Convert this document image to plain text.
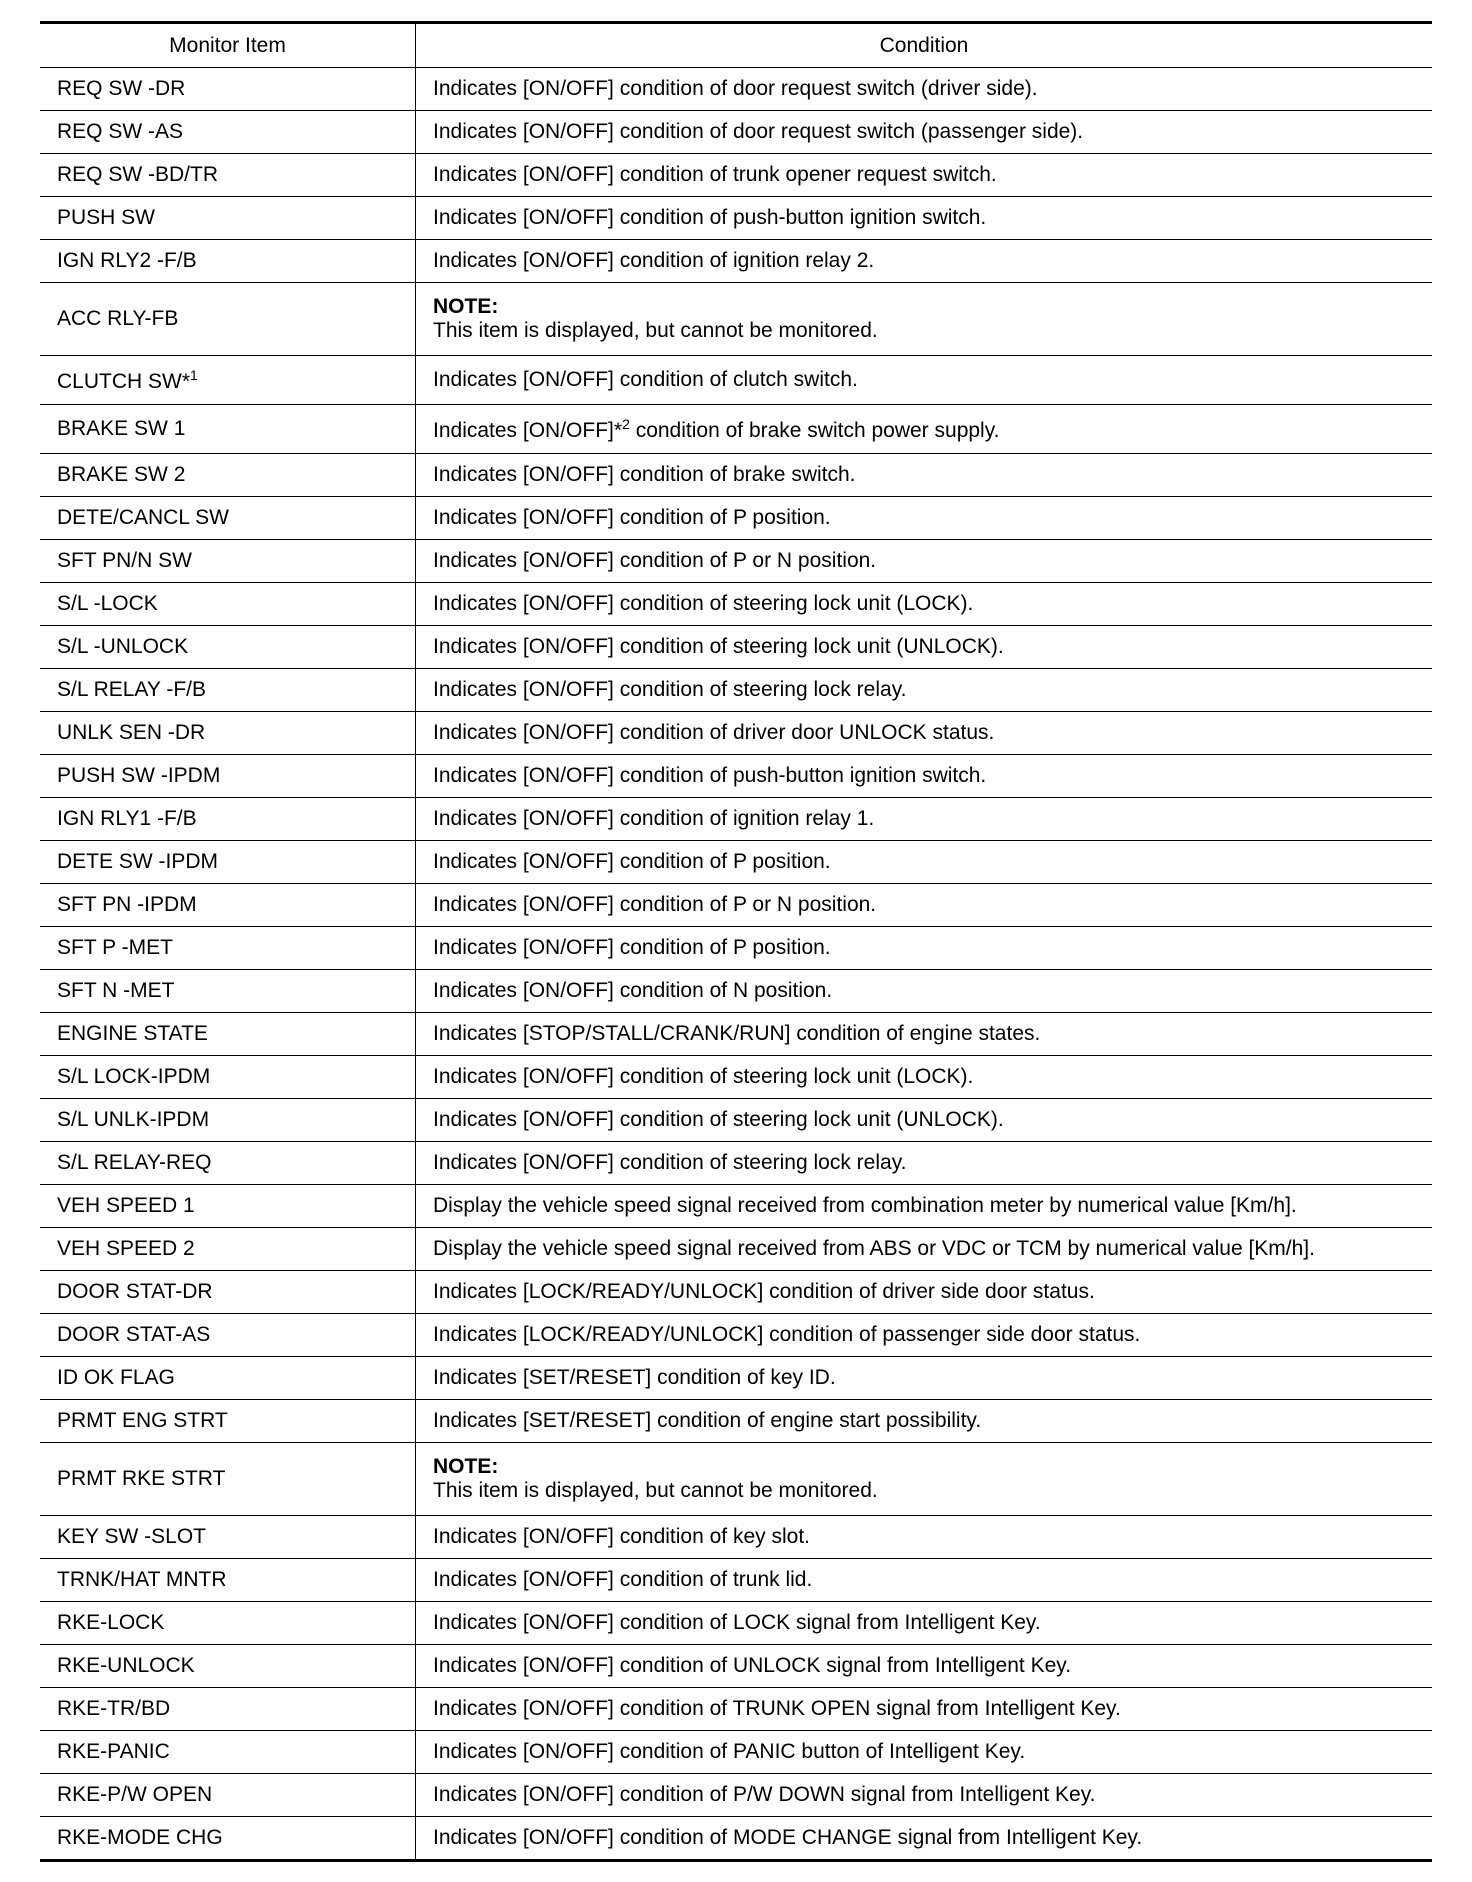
Monitor Item	Condition
REQ SW -DR	Indicates [ON/OFF] condition of door request switch (driver side).
REQ SW -AS	Indicates [ON/OFF] condition of door request switch (passenger side).
REQ SW -BD/TR	Indicates [ON/OFF] condition of trunk opener request switch.
PUSH SW	Indicates [ON/OFF] condition of push-button ignition switch.
IGN RLY2 -F/B	Indicates [ON/OFF] condition of ignition relay 2.
ACC RLY-FB	NOTE:
This item is displayed, but cannot be monitored.
CLUTCH SW*$^1$	Indicates [ON/OFF] condition of clutch switch.
BRAKE SW 1	Indicates [ON/OFF]*$^2$ condition of brake switch power supply.
BRAKE SW 2	Indicates [ON/OFF] condition of brake switch.
DETE/CANCL SW	Indicates [ON/OFF] condition of P position.
SFT PN/N SW	Indicates [ON/OFF] condition of P or N position.
S/L -LOCK	Indicates [ON/OFF] condition of steering lock unit (LOCK).
S/L -UNLOCK	Indicates [ON/OFF] condition of steering lock unit (UNLOCK).
S/L RELAY -F/B	Indicates [ON/OFF] condition of steering lock relay.
UNLK SEN -DR	Indicates [ON/OFF] condition of driver door UNLOCK status.
PUSH SW -IPDM	Indicates [ON/OFF] condition of push-button ignition switch.
IGN RLY1 -F/B	Indicates [ON/OFF] condition of ignition relay 1.
DETE SW -IPDM	Indicates [ON/OFF] condition of P position.
SFT PN -IPDM	Indicates [ON/OFF] condition of P or N position.
SFT P -MET	Indicates [ON/OFF] condition of P position.
SFT N -MET	Indicates [ON/OFF] condition of N position.
ENGINE STATE	Indicates [STOP/STALL/CRANK/RUN] condition of engine states.
S/L LOCK-IPDM	Indicates [ON/OFF] condition of steering lock unit (LOCK).
S/L UNLK-IPDM	Indicates [ON/OFF] condition of steering lock unit (UNLOCK).
S/L RELAY-REQ	Indicates [ON/OFF] condition of steering lock relay.
VEH SPEED 1	Display the vehicle speed signal received from combination meter by numerical value [Km/h].
VEH SPEED 2	Display the vehicle speed signal received from ABS or VDC or TCM by numerical value [Km/h].
DOOR STAT-DR	Indicates [LOCK/READY/UNLOCK] condition of driver side door status.
DOOR STAT-AS	Indicates [LOCK/READY/UNLOCK] condition of passenger side door status.
ID OK FLAG	Indicates [SET/RESET] condition of key ID.
PRMT ENG STRT	Indicates [SET/RESET] condition of engine start possibility.
PRMT RKE STRT	NOTE:
This item is displayed, but cannot be monitored.
KEY SW -SLOT	Indicates [ON/OFF] condition of key slot.
TRNK/HAT MNTR	Indicates [ON/OFF] condition of trunk lid.
RKE-LOCK	Indicates [ON/OFF] condition of LOCK signal from Intelligent Key.
RKE-UNLOCK	Indicates [ON/OFF] condition of UNLOCK signal from Intelligent Key.
RKE-TR/BD	Indicates [ON/OFF] condition of TRUNK OPEN signal from Intelligent Key.
RKE-PANIC	Indicates [ON/OFF] condition of PANIC button of Intelligent Key.
RKE-P/W OPEN	Indicates [ON/OFF] condition of P/W DOWN signal from Intelligent Key.
RKE-MODE CHG	Indicates [ON/OFF] condition of MODE CHANGE signal from Intelligent Key.
